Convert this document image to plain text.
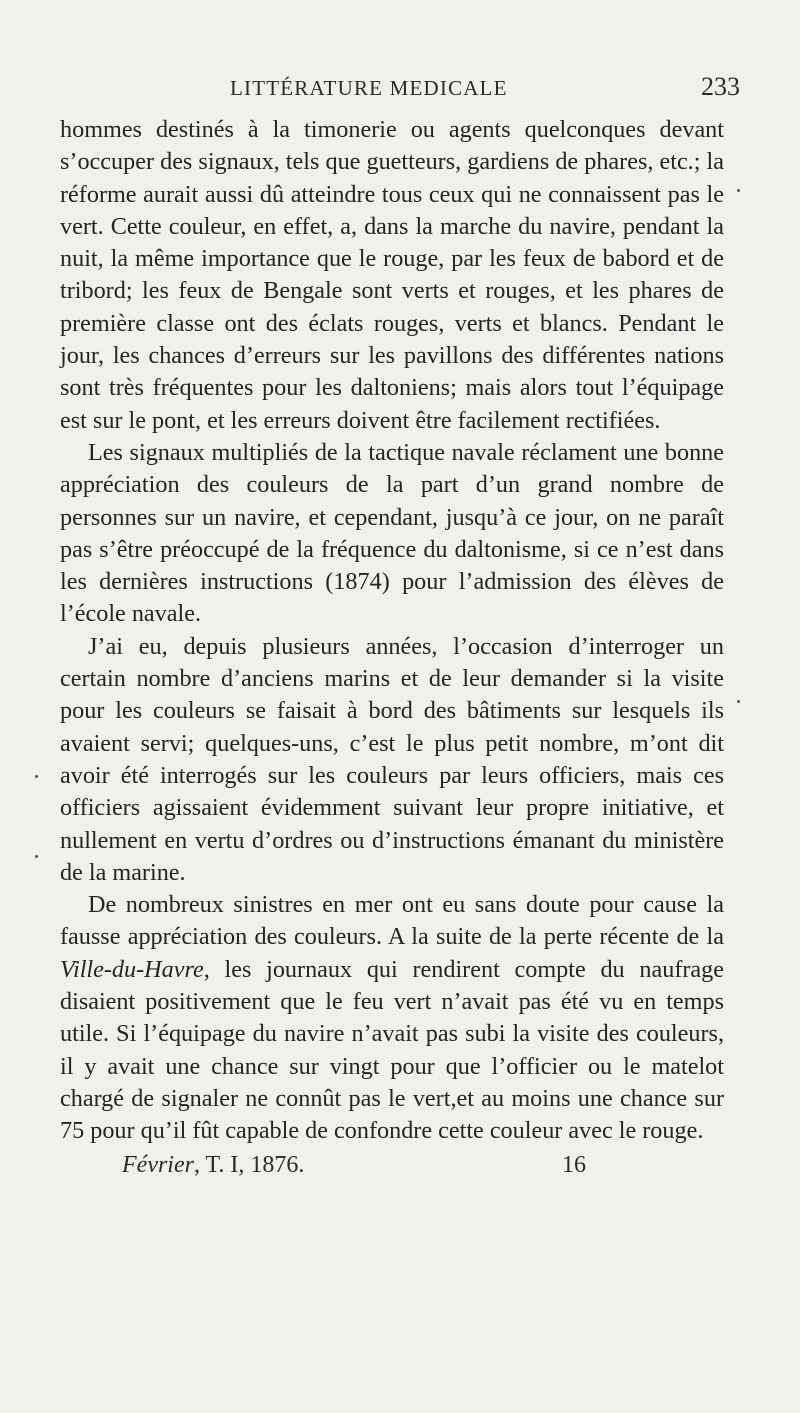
LITTÉRATURE MEDICALE	233

hommes destinés à la timonerie ou agents quelconques devant s’occuper des signaux, tels que guetteurs, gardiens de phares, etc.; la réforme aurait aussi dû atteindre tous ceux qui ne connaissent pas le vert. Cette couleur, en effet, a, dans la marche du navire, pendant la nuit, la même importance que le rouge, par les feux de babord et de tribord; les feux de Bengale sont verts et rouges, et les phares de première classe ont des éclats rouges, verts et blancs. Pendant le jour, les chances d’erreurs sur les pavillons des différentes nations sont très fréquentes pour les daltoniens; mais alors tout l’équipage est sur le pont, et les erreurs doivent être facilement rectifiées.

Les signaux multipliés de la tactique navale réclament une bonne appréciation des couleurs de la part d’un grand nombre de personnes sur un navire, et cependant, jusqu’à ce jour, on ne paraît pas s’être préoccupé de la fréquence du daltonisme, si ce n’est dans les dernières instructions (1874) pour l’admission des élèves de l’école navale.

J’ai eu, depuis plusieurs années, l’occasion d’interroger un certain nombre d’anciens marins et de leur demander si la visite pour les couleurs se faisait à bord des bâtiments sur lesquels ils avaient servi; quelques-uns, c’est le plus petit nombre, m’ont dit avoir été interrogés sur les couleurs par leurs officiers, mais ces officiers agissaient évidemment suivant leur propre initiative, et nullement en vertu d’ordres ou d’instructions émanant du ministère de la marine.

De nombreux sinistres en mer ont eu sans doute pour cause la fausse appréciation des couleurs. A la suite de la perte récente de la Ville-du-Havre, les journaux qui rendirent compte du naufrage disaient positivement que le feu vert n’avait pas été vu en temps utile. Si l’équipage du navire n’avait pas subi la visite des couleurs, il y avait une chance sur vingt pour que l’officier ou le matelot chargé de signaler ne connût pas le vert,et au moins une chance sur 75 pour qu’il fût capable de confondre cette couleur avec le rouge.

Février, T. I, 1876.	16
